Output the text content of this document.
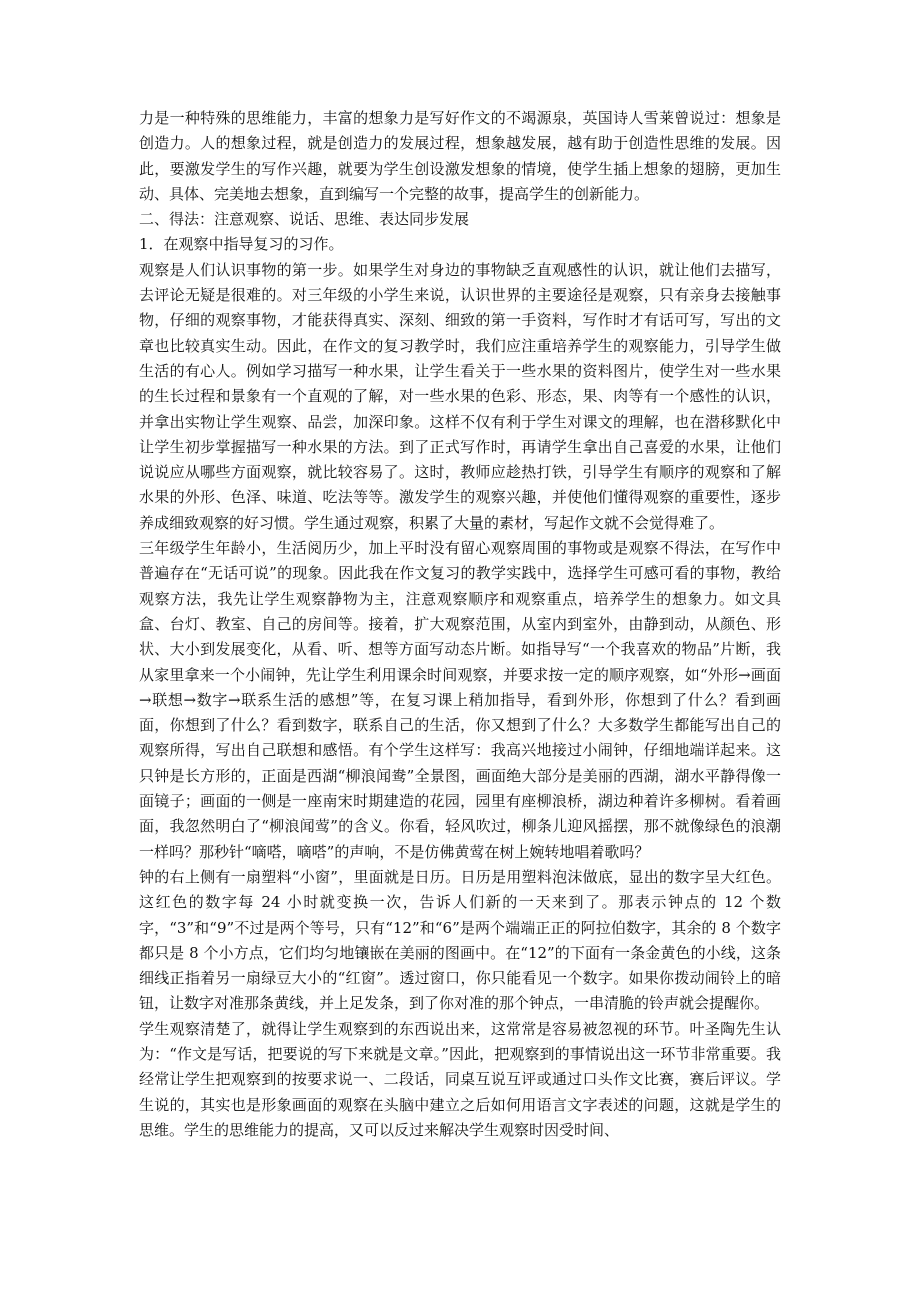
力是一种特殊的思维能力，丰富的想象力是写好作文的不竭源泉，英国诗人雪莱曾说过：想象是创造力。人的想象过程，就是创造力的发展过程，想象越发展，越有助于创造性思维的发展。因此，要激发学生的写作兴趣，就要为学生创设激发想象的情境，使学生插上想象的翅膀，更加生动、具体、完美地去想象，直到编写一个完整的故事，提高学生的创新能力。

二、得法：注意观察、说话、思维、表达同步发展

1．在观察中指导复习的习作。

观察是人们认识事物的第一步。如果学生对身边的事物缺乏直观感性的认识，就让他们去描写，去评论无疑是很难的。对三年级的小学生来说，认识世界的主要途径是观察，只有亲身去接触事物，仔细的观察事物，才能获得真实、深刻、细致的第一手资料，写作时才有话可写，写出的文章也比较真实生动。因此，在作文的复习教学时，我们应注重培养学生的观察能力，引导学生做生活的有心人。例如学习描写一种水果，让学生看关于一些水果的资料图片，使学生对一些水果的生长过程和景象有一个直观的了解，对一些水果的色彩、形态，果、肉等有一个感性的认识，并拿出实物让学生观察、品尝，加深印象。这样不仅有利于学生对课文的理解，也在潜移默化中让学生初步掌握描写一种水果的方法。到了正式写作时，再请学生拿出自己喜爱的水果，让他们说说应从哪些方面观察，就比较容易了。这时，教师应趁热打铁，引导学生有顺序的观察和了解水果的外形、色泽、味道、吃法等等。激发学生的观察兴趣，并使他们懂得观察的重要性，逐步养成细致观察的好习惯。学生通过观察，积累了大量的素材，写起作文就不会觉得难了。

三年级学生年龄小，生活阅历少，加上平时没有留心观察周围的事物或是观察不得法，在写作中普遍存在“无话可说”的现象。因此我在作文复习的教学实践中，选择学生可感可看的事物，教给观察方法，我先让学生观察静物为主，注意观察顺序和观察重点，培养学生的想象力。如文具盒、台灯、教室、自己的房间等。接着，扩大观察范围，从室内到室外，由静到动，从颜色、形状、大小到发展变化，从看、听、想等方面写动态片断。如指导写“一个我喜欢的物品”片断，我从家里拿来一个小闹钟，先让学生利用课余时间观察，并要求按一定的顺序观察，如“外形→画面→联想→数字→联系生活的感想”等，在复习课上稍加指导，看到外形，你想到了什么？看到画面，你想到了什么？看到数字，联系自己的生活，你又想到了什么？大多数学生都能写出自己的观察所得，写出自己联想和感悟。有个学生这样写：我高兴地接过小闹钟，仔细地端详起来。这只钟是长方形的，正面是西湖“柳浪闻鸯”全景图，画面绝大部分是美丽的西湖，湖水平静得像一面镜子；画面的一侧是一座南宋时期建造的花园，园里有座柳浪桥，湖边种着许多柳树。看着画面，我忽然明白了“柳浪闻莺”的含义。你看，轻风吹过，柳条儿迎风摇摆，那不就像绿色的浪潮一样吗？那秒针“嘀嗒，嘀嗒”的声响，不是仿佛黄莺在树上婉转地唱着歌吗？

钟的右上侧有一扇塑料“小窗”，里面就是日历。日历是用塑料泡沫做底，显出的数字呈大红色。这红色的数字每 24 小时就变换一次，告诉人们新的一天来到了。那表示钟点的 12 个数字，“3”和“9”不过是两个等号，只有“12”和“6”是两个端端正正的阿拉伯数字，其余的 8 个数字都只是 8 个小方点，它们均匀地镶嵌在美丽的图画中。在“12”的下面有一条金黄色的小线，这条细线正指着另一扇绿豆大小的“红窗”。透过窗口，你只能看见一个数字。如果你拨动闹铃上的暗钮，让数字对准那条黄线，并上足发条，到了你对准的那个钟点，一串清脆的铃声就会提醒你。

学生观察清楚了，就得让学生观察到的东西说出来，这常常是容易被忽视的环节。叶圣陶先生认为：“作文是写话，把要说的写下来就是文章。”因此，把观察到的事情说出这一环节非常重要。我经常让学生把观察到的按要求说一、二段话，同桌互说互评或通过口头作文比赛，赛后评议。学生说的，其实也是形象画面的观察在头脑中建立之后如何用语言文字表述的问题，这就是学生的思维。学生的思维能力的提高，又可以反过来解决学生观察时因受时间、
